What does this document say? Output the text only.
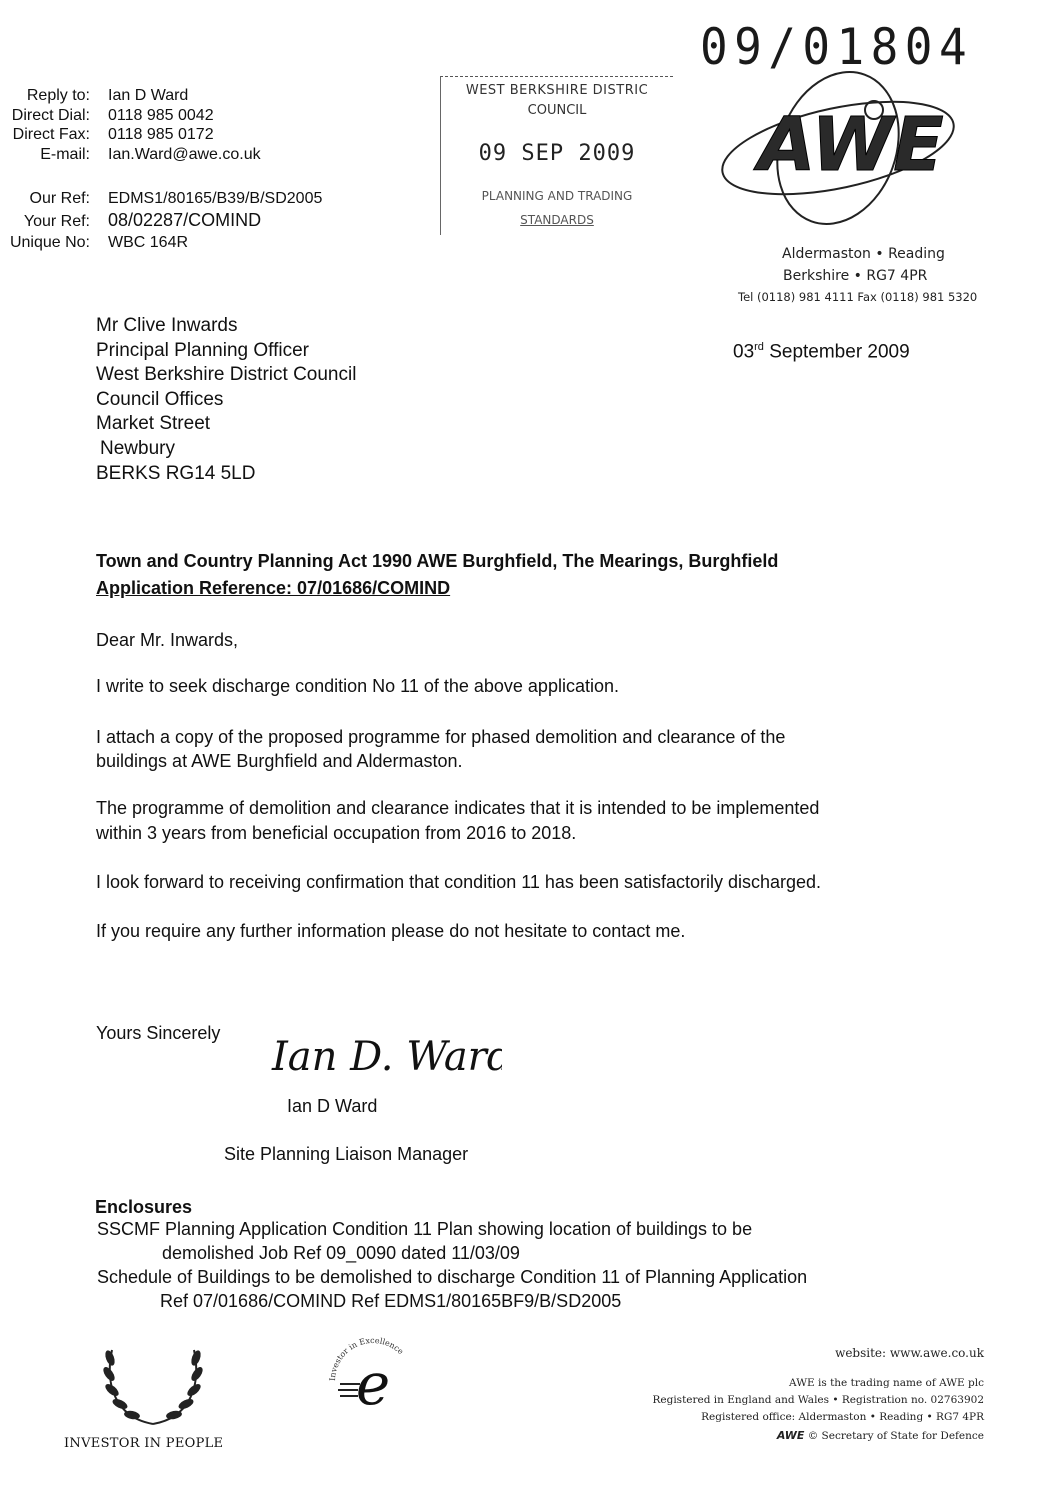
09/01804
Reply to: Ian D Ward
Direct Dial: 0118 985 0042
Direct Fax: 0118 985 0172
E-mail: Ian.Ward@awe.co.uk
Our Ref: EDMS1/80165/B39/B/SD2005
Your Ref: 08/02287/COMIND
Unique No: WBC 164R
WEST BERKSHIRE DISTRIC
COUNCIL
09 SEP 2009
PLANNING AND TRADING
STANDARDS
AWE
Aldermaston • Reading
Berkshire • RG7 4PR
Tel (0118) 981 4111 Fax (0118) 981 5320
03rd September 2009
Mr Clive Inwards
Principal Planning Officer
West Berkshire District Council
Council Offices
Market Street
Newbury
BERKS RG14 5LD
Town and Country Planning Act 1990 AWE Burghfield, The Mearings, Burghfield
Application Reference: 07/01686/COMIND
Dear Mr. Inwards,
I write to seek discharge condition No 11 of the above application.
I attach a copy of the proposed programme for phased demolition and clearance of the
buildings at AWE Burghfield and Aldermaston.
The programme of demolition and clearance indicates that it is intended to be implemented
within 3 years from beneficial occupation from 2016 to 2018.
I look forward to receiving confirmation that condition 11 has been satisfactorily discharged.
If you require any further information please do not hesitate to contact me.
Yours Sincerely
Ian D. Ward
Ian D Ward
Site Planning Liaison Manager
Enclosures
SSCMF Planning Application Condition 11 Plan showing location of buildings to be
demolished Job Ref 09_0090 dated 11/03/09
Schedule of Buildings to be demolished to discharge Condition 11 of Planning Application
Ref 07/01686/COMIND Ref EDMS1/80165BF9/B/SD2005
INVESTOR IN PEOPLE
Investor in Excellence
e	website: www.awe.co.uk
AWE is the trading name of AWE plc
Registered in England and Wales • Registration no. 02763902
Registered office: Aldermaston • Reading • RG7 4PR
AWE © Secretary of State for Defence
